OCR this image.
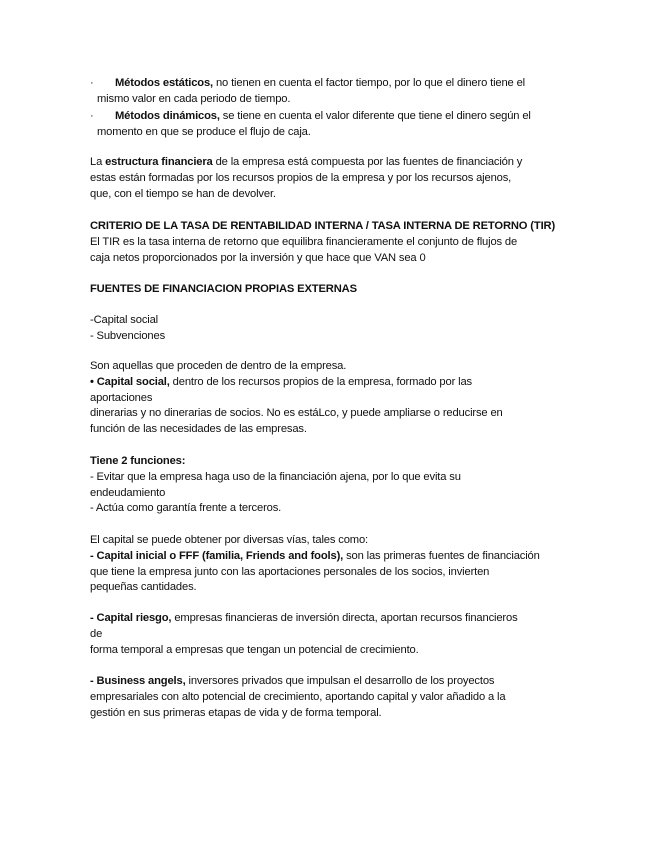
·	Métodos estáticos, no tienen en cuenta el factor tiempo, por lo que el dinero tiene el
mismo valor en cada periodo de tiempo.
·	Métodos dinámicos, se tiene en cuenta el valor diferente que tiene el dinero según el
momento en que se produce el flujo de caja.
La estructura financiera de la empresa está compuesta por las fuentes de financiación y
estas están formadas por los recursos propios de la empresa y por los recursos ajenos,
que, con el tiempo se han de devolver.
CRITERIO DE LA TASA DE RENTABILIDAD INTERNA / TASA INTERNA DE RETORNO (TIR)
El TIR es la tasa interna de retorno que equilibra financieramente el conjunto de flujos de
caja netos proporcionados por la inversión y que hace que VAN sea 0
FUENTES DE FINANCIACION PROPIAS EXTERNAS
-Capital social
- Subvenciones
Son aquellas que proceden de dentro de la empresa.
• Capital social, dentro de los recursos propios de la empresa, formado por las
aportaciones
dinerarias y no dinerarias de socios. No es estáLco, y puede ampliarse o reducirse en
función de las necesidades de las empresas.
Tiene 2 funciones:
- Evitar que la empresa haga uso de la financiación ajena, por lo que evita su
endeudamiento
- Actúa como garantía frente a terceros.
El capital se puede obtener por diversas vías, tales como:
- Capital inicial o FFF (familia, Friends and fools), son las primeras fuentes de financiación
que tiene la empresa junto con las aportaciones personales de los socios, invierten
pequeñas cantidades.
- Capital riesgo, empresas financieras de inversión directa, aportan recursos financieros
de
forma temporal a empresas que tengan un potencial de crecimiento.
- Business angels, inversores privados que impulsan el desarrollo de los proyectos
empresariales con alto potencial de crecimiento, aportando capital y valor añadido a la
gestión en sus primeras etapas de vida y de forma temporal.
